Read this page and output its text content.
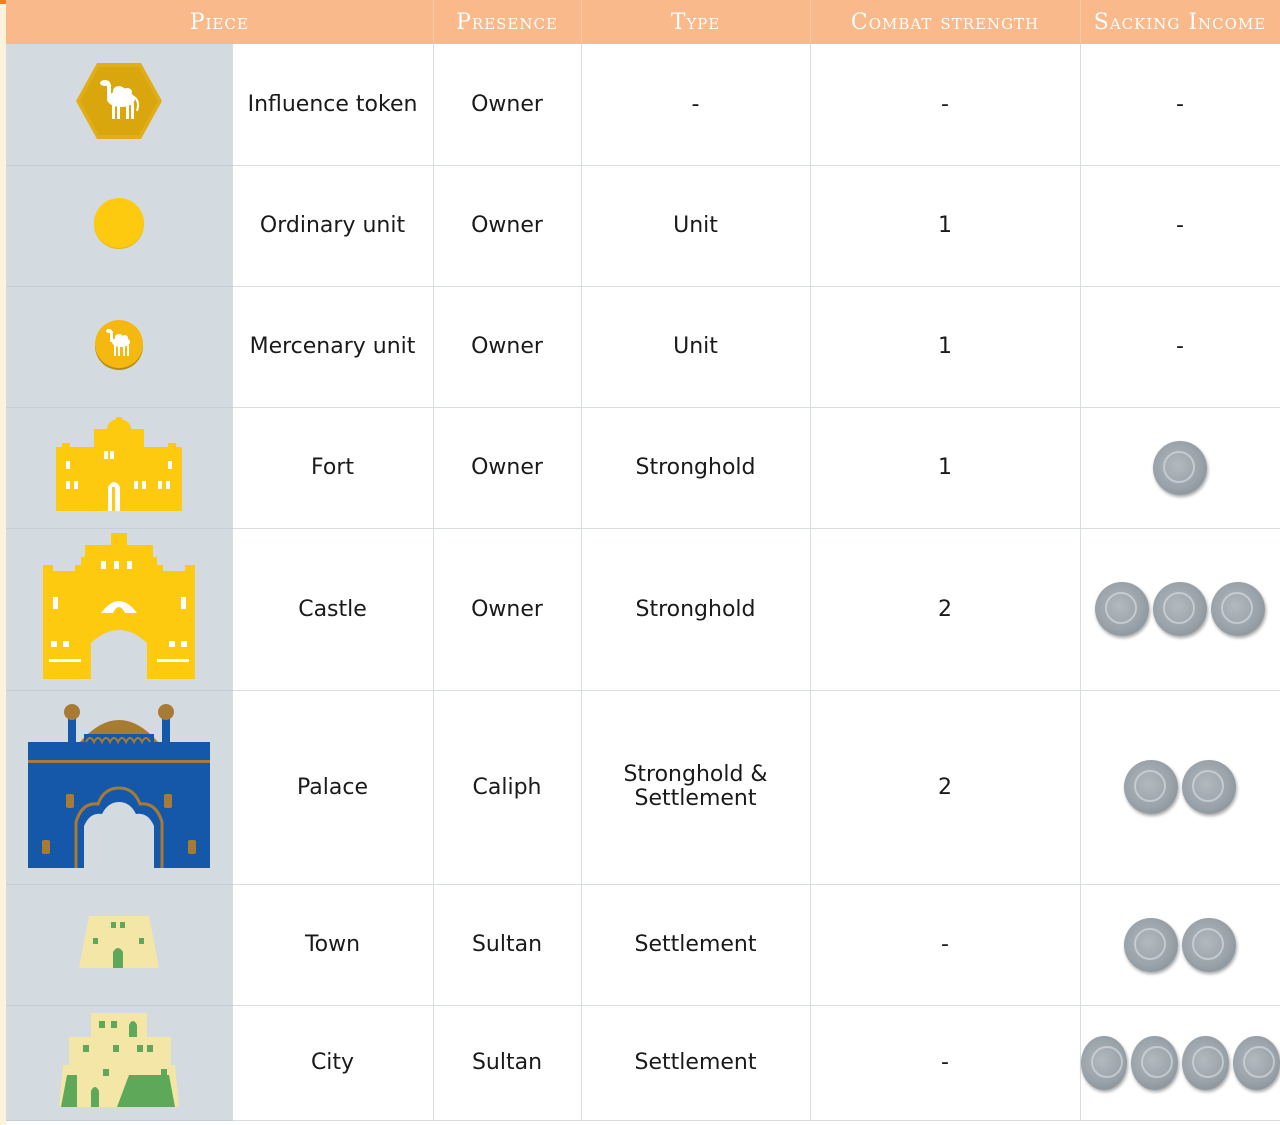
Piece		Presence	Type	Combat strength	Sacking Income
	Influence token	Owner	-	-	-
	Ordinary unit	Owner	Unit	1	-
	Mercenary unit	Owner	Unit	1	-
	Fort	Owner	Stronghold	1	

	Castle	Owner	Stronghold	2	

	Palace	Caliph	Stronghold &
Settlement	2	

	Town	Sultan	Settlement	-	

	City	Sultan	Settlement	-	
